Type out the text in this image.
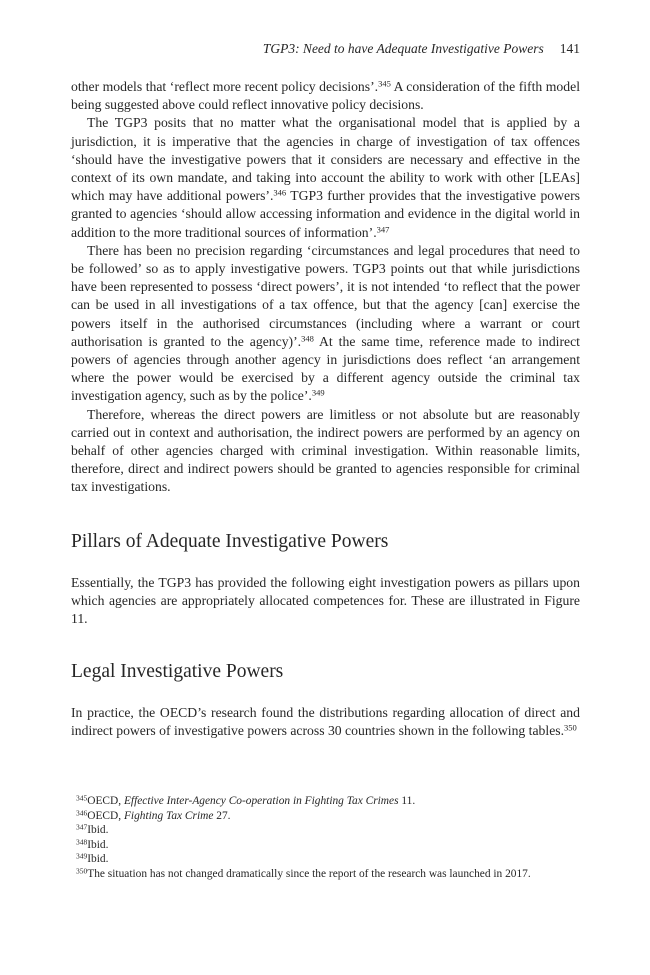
TGP3: Need to have Adequate Investigative Powers 141

other models that ‘reflect more recent policy decisions’.$^{345}$ A consideration of the fifth model being suggested above could reflect innovative policy decisions.

The TGP3 posits that no matter what the organisational model that is applied by a jurisdiction, it is imperative that the agencies in charge of investigation of tax offences ‘should have the investigative powers that it considers are necessary and effective in the context of its own mandate, and taking into account the ability to work with other [LEAs] which may have additional powers’.$^{346}$ TGP3 further provides that the investigative powers granted to agencies ‘should allow accessing information and evidence in the digital world in addition to the more traditional sources of information’.$^{347}$

There has been no precision regarding ‘circumstances and legal procedures that need to be followed’ so as to apply investigative powers. TGP3 points out that while jurisdictions have been represented to possess ‘direct powers’, it is not intended ‘to reflect that the power can be used in all investigations of a tax offence, but that the agency [can] exercise the powers itself in the authorised circumstances (including where a warrant or court authorisation is granted to the agency)’.$^{348}$ At the same time, reference made to indirect powers of agencies through another agency in jurisdictions does reflect ‘an arrangement where the power would be exercised by a different agency outside the criminal tax investigation agency, such as by the police’.$^{349}$

Therefore, whereas the direct powers are limitless or not absolute but are reasonably carried out in context and authorisation, the indirect powers are performed by an agency on behalf of other agencies charged with criminal investigation. Within reasonable limits, therefore, direct and indirect powers should be granted to agencies responsible for criminal tax investigations.

Pillars of Adequate Investigative Powers

Essentially, the TGP3 has provided the following eight investigation powers as pillars upon which agencies are appropriately allocated competences for. These are illustrated in Figure 11.

Legal Investigative Powers

In practice, the OECD’s research found the distributions regarding allocation of direct and indirect powers of investigative powers across 30 countries shown in the following tables.$^{350}$

$^{345}$OECD, Effective Inter-Agency Co-operation in Fighting Tax Crimes 11.
$^{346}$OECD, Fighting Tax Crime 27.
$^{347}$Ibid.
$^{348}$Ibid.
$^{349}$Ibid.
$^{350}$The situation has not changed dramatically since the report of the research was launched in 2017.
